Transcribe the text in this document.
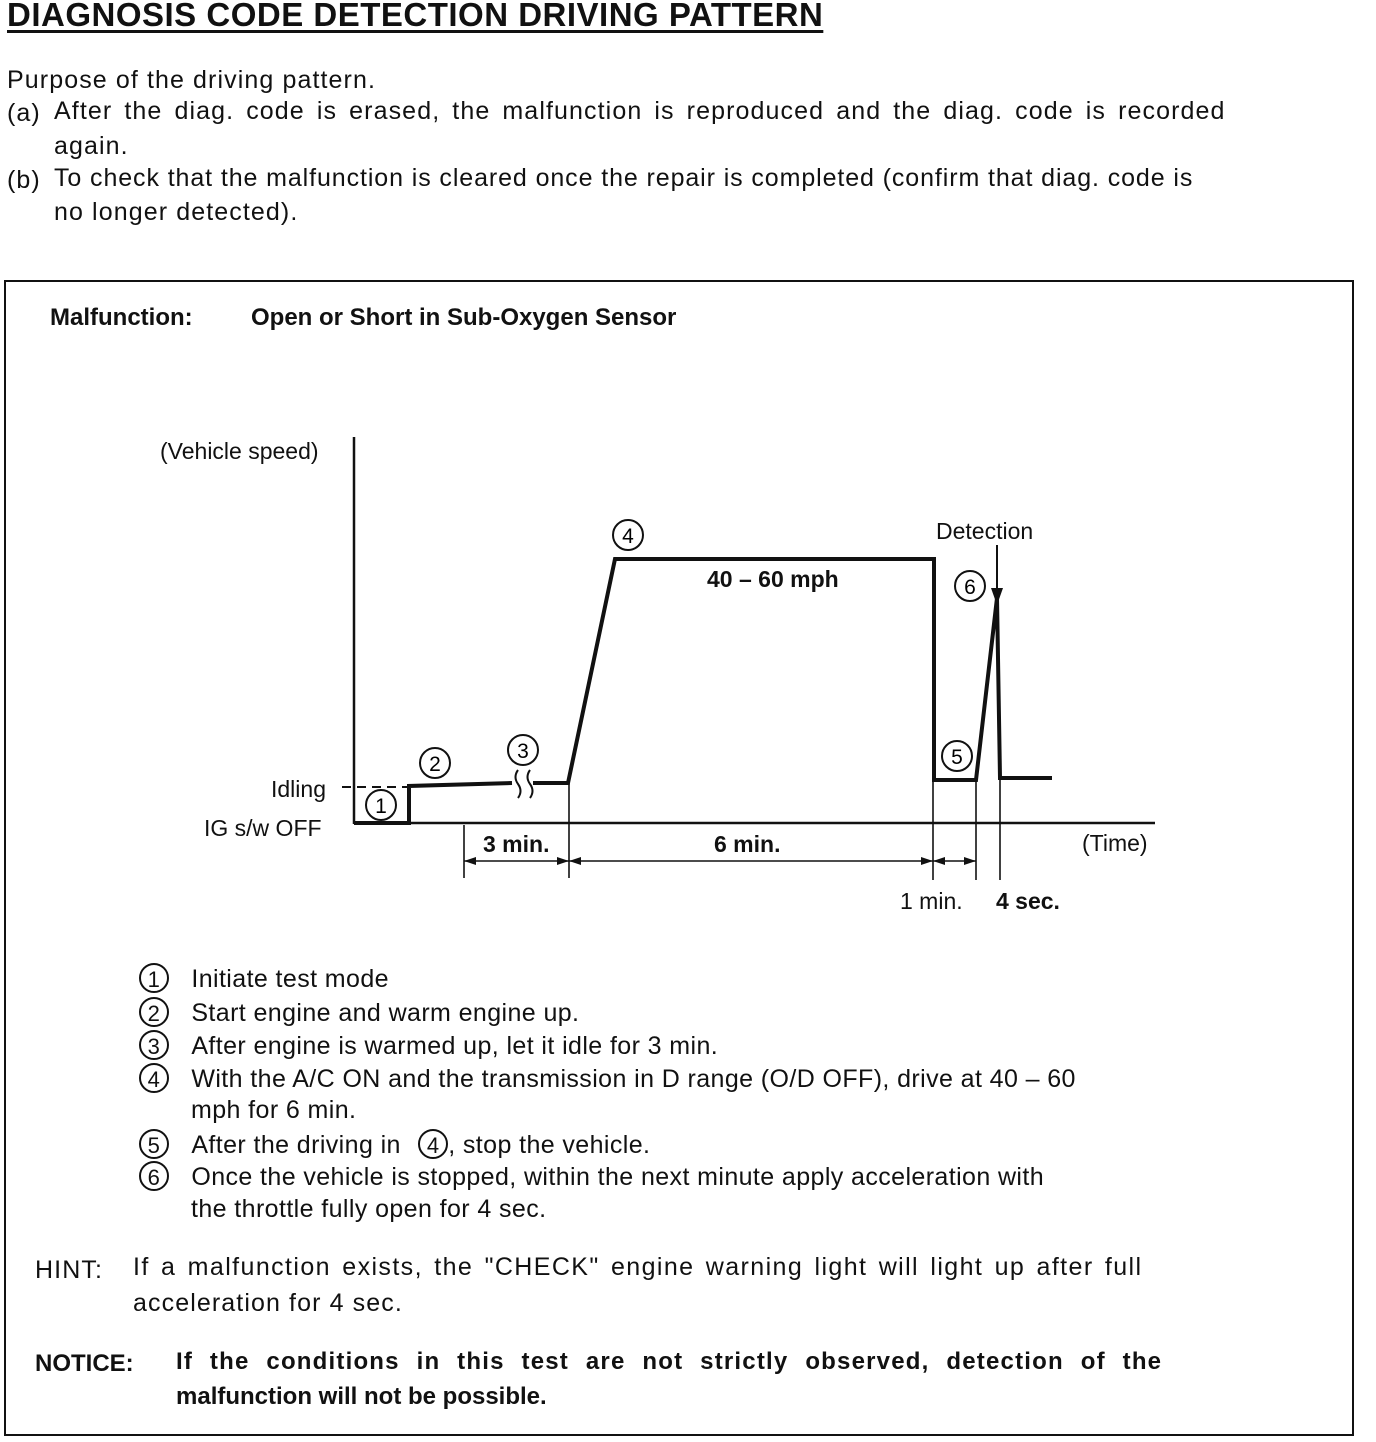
DIAGNOSIS CODE DETECTION DRIVING PATTERN
Purpose of the driving pattern.
(a) After the diag. code is erased, the malfunction is reproduced and the diag. code is recorded
again.
(b) To check that the malfunction is cleared once the repair is completed (confirm that diag. code is
no longer detected).
Malfunction: Open or Short in Sub-Oxygen Sensor
(Vehicle speed)
(Time)
Idling
IG s/w OFF
40 – 60 mph
Detection
3 min.	6 min.
1 min. 4 sec.
1
2
3
4
5
6
1 Initiate test mode
2 Start engine and warm engine up.
3 After engine is warmed up, let it idle for 3 min.
4 With the A/C ON and the transmission in D range (O/D OFF), drive at 40 – 60
mph for 6 min.
5 After the driving in 4 , stop the vehicle.
6 Once the vehicle is stopped, within the next minute apply acceleration with
the throttle fully open for 4 sec.
HINT: If a malfunction exists, the "CHECK" engine warning light will light up after full
acceleration for 4 sec.
NOTICE: If the conditions in this test are not strictly observed, detection of the
malfunction will not be possible.
